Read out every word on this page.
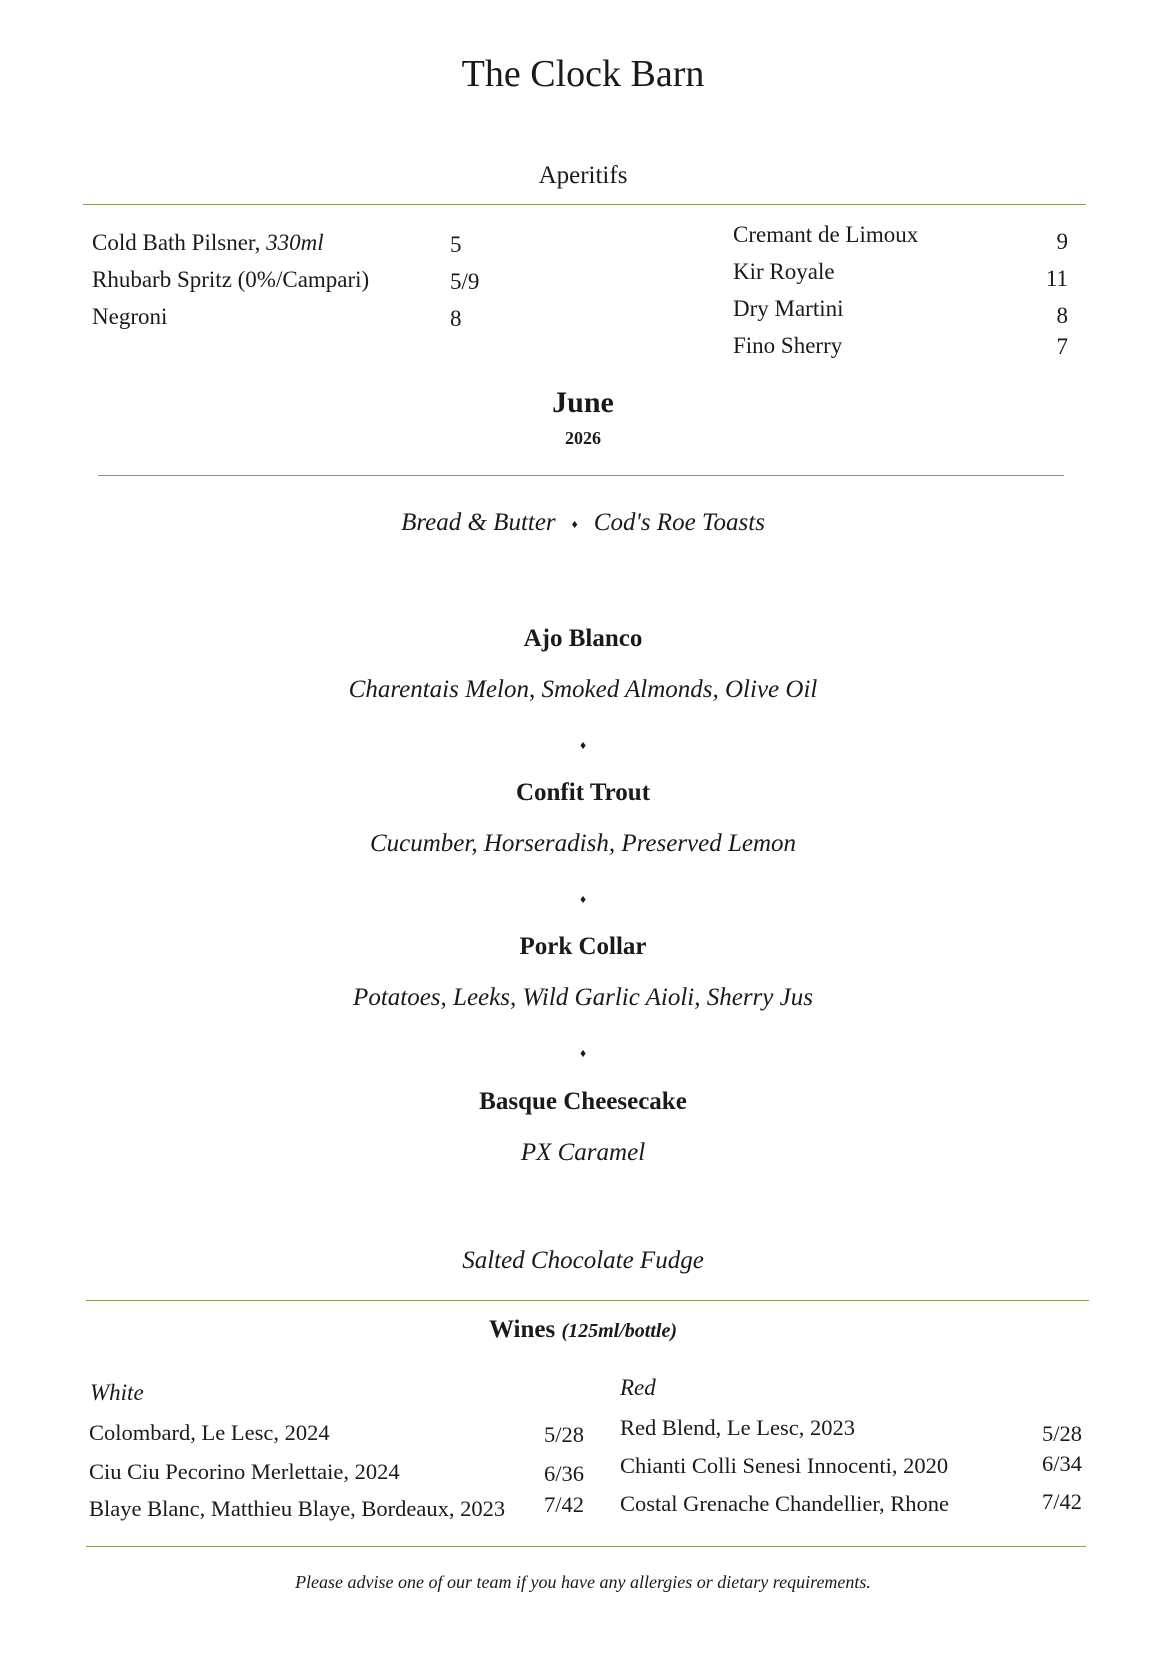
The Clock Barn
Aperitifs
Cold Bath Pilsner, 330ml	5
Rhubarb Spritz (0%/Campari)	5/9
Negroni	8
Cremant de Limoux	9
Kir Royale	11
Dry Martini	8
Fino Sherry	7
June
2026
Bread & Butter ♦ Cod's Roe Toasts
Ajo Blanco
Charentais Melon, Smoked Almonds, Olive Oil
♦
Confit Trout
Cucumber, Horseradish, Preserved Lemon
♦
Pork Collar
Potatoes, Leeks, Wild Garlic Aioli, Sherry Jus
♦
Basque Cheesecake
PX Caramel
Salted Chocolate Fudge
Wines (125ml/bottle)
White
Colombard, Le Lesc, 2024	5/28
Ciu Ciu Pecorino Merlettaie, 2024	6/36
Blaye Blanc, Matthieu Blaye, Bordeaux, 2023	7/42
Red
Red Blend, Le Lesc, 2023	5/28
Chianti Colli Senesi Innocenti, 2020	6/34
Costal Grenache Chandellier, Rhone	7/42
Please advise one of our team if you have any allergies or dietary requirements.
